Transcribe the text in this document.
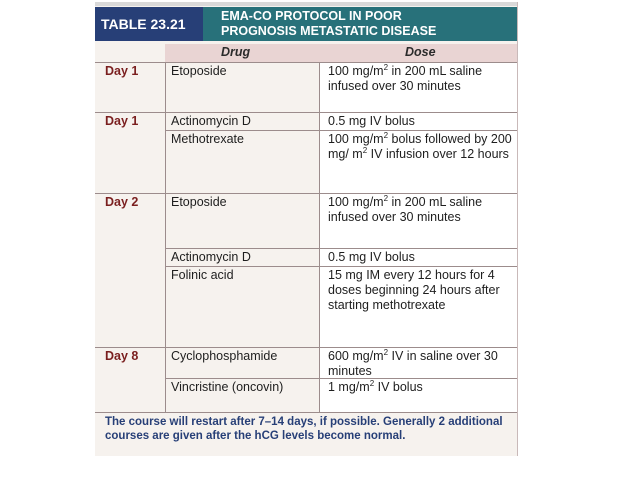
TABLE 23.21	EMA-CO PROTOCOL IN POOR
PROGNOSIS METASTATIC DISEASE
Drug	Dose
Day 1	Etoposide	100 $mg/m^2$ in 200 mL saline infused over 30 minutes
Day 1	Actinomycin D	0.5 mg IV bolus
Methotrexate	100 $mg/m^2$ bolus followed by 200 mg/ $m^2$ IV infusion over 12 hours
Day 2	Etoposide	100 $mg/m^2$ in 200 mL saline infused over 30 minutes
Actinomycin D	0.5 mg IV bolus
Folinic acid	15 mg IM every 12 hours for 4 doses beginning 24 hours after starting methotrexate
Day 8	Cyclophosphamide	600 $mg/m^2$ IV in saline over 30 minutes
Vincristine (oncovin)	1 $mg/m^2$ IV bolus
The course will restart after 7–14 days, if possible. Generally 2 additional courses are given after the hCG levels become normal.
